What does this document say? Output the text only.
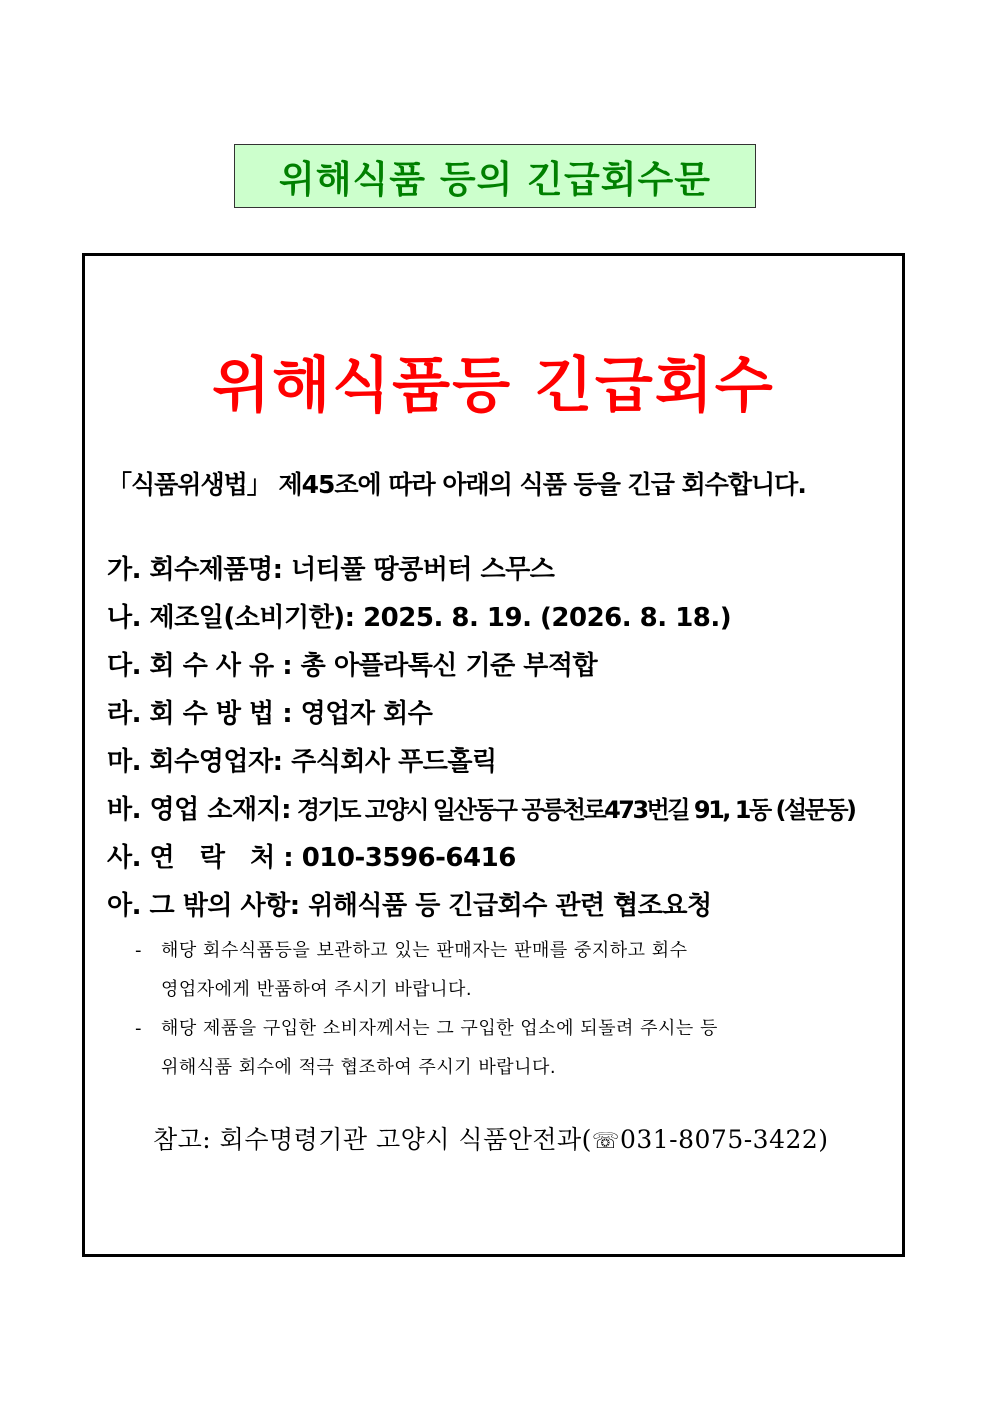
위해식품 등의 긴급회수문
위해식품등 긴급회수
「식품위생법」 제45조에 따라 아래의 식품 등을 긴급 회수합니다.
가. 회수제품명: 너티풀 땅콩버터 스무스
나. 제조일(소비기한): 2025. 8. 19. (2026. 8. 18.)
다. 회 수 사 유 : 총 아플라톡신 기준 부적합
라. 회 수 방 법 : 영업자 회수
마. 회수영업자: 주식회사 푸드홀릭
바. 영업 소재지: 경기도 고양시 일산동구 공릉천로473번길 91, 1동 (설문동)
사. 연   락   처 : 010-3596-6416
아. 그 밖의 사항: 위해식품 등 긴급회수 관련 협조요청
- 해당 회수식품등을 보관하고 있는 판매자는 판매를 중지하고 회수
영업자에게 반품하여 주시기 바랍니다.
- 해당 제품을 구입한 소비자께서는 그 구입한 업소에 되돌려 주시는 등
위해식품 회수에 적극 협조하여 주시기 바랍니다.
참고: 회수명령기관 고양시 식품안전과(☏031-8075-3422)
